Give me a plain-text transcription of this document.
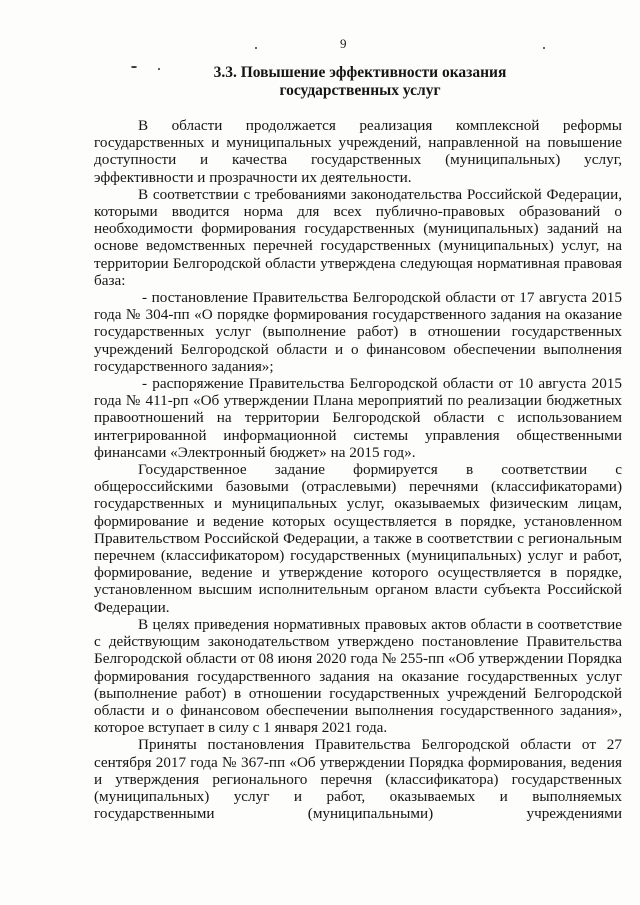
9
3.3. Повышение эффективности оказания
государственных услуг

В области продолжается реализация комплексной реформы государственных и муниципальных учреждений, направленной на повышение доступности и качества государственных (муниципальных) услуг, эффективности и прозрачности их деятельности.

В соответствии с требованиями законодательства Российской Федерации, которыми вводится норма для всех публично-правовых образований о необходимости формирования государственных (муниципальных) заданий на основе ведомственных перечней государственных (муниципальных) услуг, на территории Белгородской области утверждена следующая нормативная правовая база:

- постановление Правительства Белгородской области от 17 августа 2015 года № 304-пп «О порядке формирования государственного задания на оказание государственных услуг (выполнение работ) в отношении государственных учреждений Белгородской области и о финансовом обеспечении выполнения государственного задания»;

- распоряжение Правительства Белгородской области от 10 августа 2015 года № 411-рп «Об утверждении Плана мероприятий по реализации бюджетных правоотношений на территории Белгородской области с использованием интегрированной информационной системы управления общественными финансами «Электронный бюджет» на 2015 год».

Государственное задание формируется в соответствии с общероссийскими базовыми (отраслевыми) перечнями (классификаторами) государственных и муниципальных услуг, оказываемых физическим лицам, формирование и ведение которых осуществляется в порядке, установленном Правительством Российской Федерации, а также в соответствии с региональным перечнем (классификатором) государственных (муниципальных) услуг и работ, формирование, ведение и утверждение которого осуществляется в порядке, установленном высшим исполнительным органом власти субъекта Российской Федерации.

В целях приведения нормативных правовых актов области в соответствие с действующим законодательством утверждено постановление Правительства Белгородской области от 08 июня 2020 года № 255-пп «Об утверждении Порядка формирования государственного задания на оказание государственных услуг (выполнение работ) в отношении государственных учреждений Белгородской области и о финансовом обеспечении выполнения государственного задания», которое вступает в силу с 1 января 2021 года.

Приняты постановления Правительства Белгородской области от 27 сентября 2017 года № 367-пп «Об утверждении Порядка формирования, ведения и утверждения регионального перечня (классификатора) государственных (муниципальных) услуг и работ, оказываемых и выполняемых государственными (муниципальными) учреждениями
